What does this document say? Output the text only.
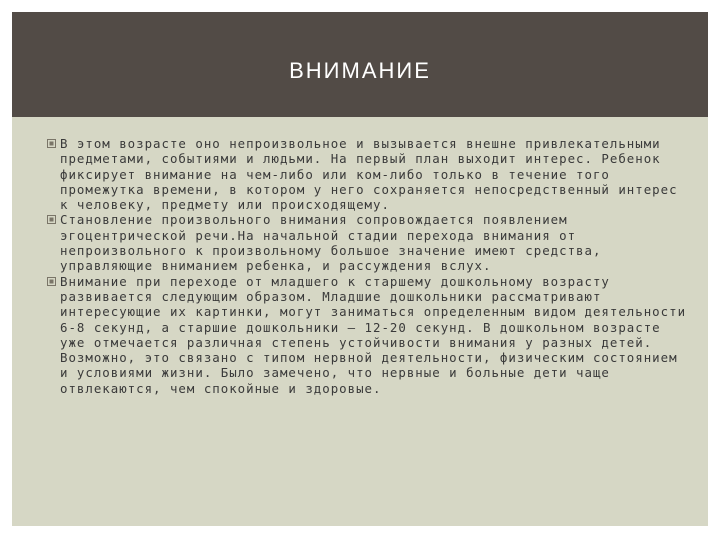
ВНИМАНИЕ
В этом возрасте оно непроизвольное и вызывается внешне привлекательными предметами, событиями и людьми. На первый план выходит интерес. Ребенок фиксирует внимание на чем-либо или ком-либо только в течение того промежутка времени, в котором у него сохраняется непосредственный интерес к человеку, предмету или происходящему.
Становление произвольного внимания сопровождается появлением эгоцентрической речи.На начальной стадии перехода внимания от непроизвольного к произвольному большое значение имеют средства, управляющие вниманием ребенка, и рассуждения вслух.
Внимание при переходе от младшего к старшему дошкольному возрасту развивается следующим образом. Младшие дошкольники рассматривают интересующие их картинки, могут заниматься определенным видом деятельности 6-8 секунд, а старшие дошкольники – 12-20 секунд. В дошкольном возрасте уже отмечается различная степень устойчивости внимания у разных детей. Возможно, это связано с типом нервной деятельности, физическим состоянием и условиями жизни. Было замечено, что нервные и больные дети чаще отвлекаются, чем спокойные и здоровые.
